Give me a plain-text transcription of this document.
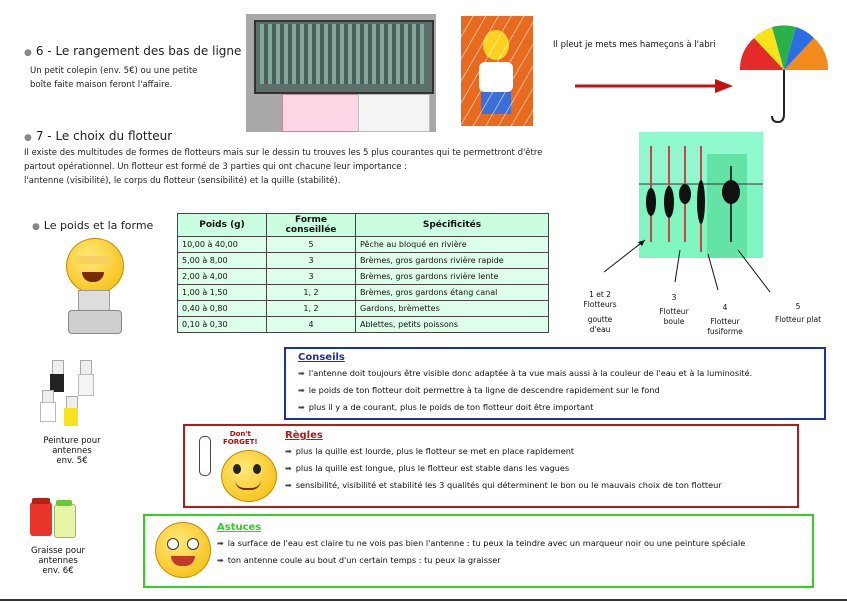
● 6 - Le rangement des bas de ligne
Un petit colepin (env. 5€) ou une petite
boîte faite maison feront l'affaire.
Il pleut je mets mes hameçons à l'abri
● 7 - Le choix du flotteur
Il existe des multitudes de formes de flotteurs mais sur le dessin tu trouves les 5 plus courantes qui te permettront d'être
partout opérationnel. Un flotteur est formé de 3 parties qui ont chacune leur importance :
l'antenne (visibilité), le corps du flotteur (sensibilité) et la quille (stabilité).
1 et 2
Flotteurs
goutte
d'eau
3
Flotteur
boule
4
Flotteur
fusiforme
5
Flotteur plat
● Le poids et la forme	Poids (g)	Forme conseillée	Spécificités
10,00 à 40,00	5	Pêche au bloqué en rivière
5,00 à 8,00	3	Brèmes, gros gardons rivière rapide
2,00 à 4,00	3	Brèmes, gros gardons rivière lente
1,00 à 1,50	1, 2	Brèmes, gros gardons étang canal
0,40 à 0,80	1, 2	Gardons, brèmettes
0,10 à 0,30	4	Ablettes, petits poissons
Peinture pour
antennes
env. 5€
Graisse pour
antennes
env. 6€
Conseils
➡ l'antenne doit toujours être visible donc adaptée à ta vue mais aussi à la couleur de l'eau et à la luminosité.
➡ le poids de ton flotteur doit permettre à ta ligne de descendre rapidement sur le fond
➡ plus il y a de courant, plus le poids de ton flotteur doit être important
Don't
FORGET!
Règles
➡ plus la quille est lourde, plus le flotteur se met en place rapidement
➡ plus la quille est longue, plus le flotteur est stable dans les vagues
➡ sensibilité, visibilité et stabilité les 3 qualités qui déterminent le bon ou le mauvais choix de ton flotteur
Astuces
➡ la surface de l'eau est claire tu ne vois pas bien l'antenne : tu peux la teindre avec un marqueur noir ou une peinture spéciale
➡ ton antenne coule au bout d'un certain temps : tu peux la graisser
